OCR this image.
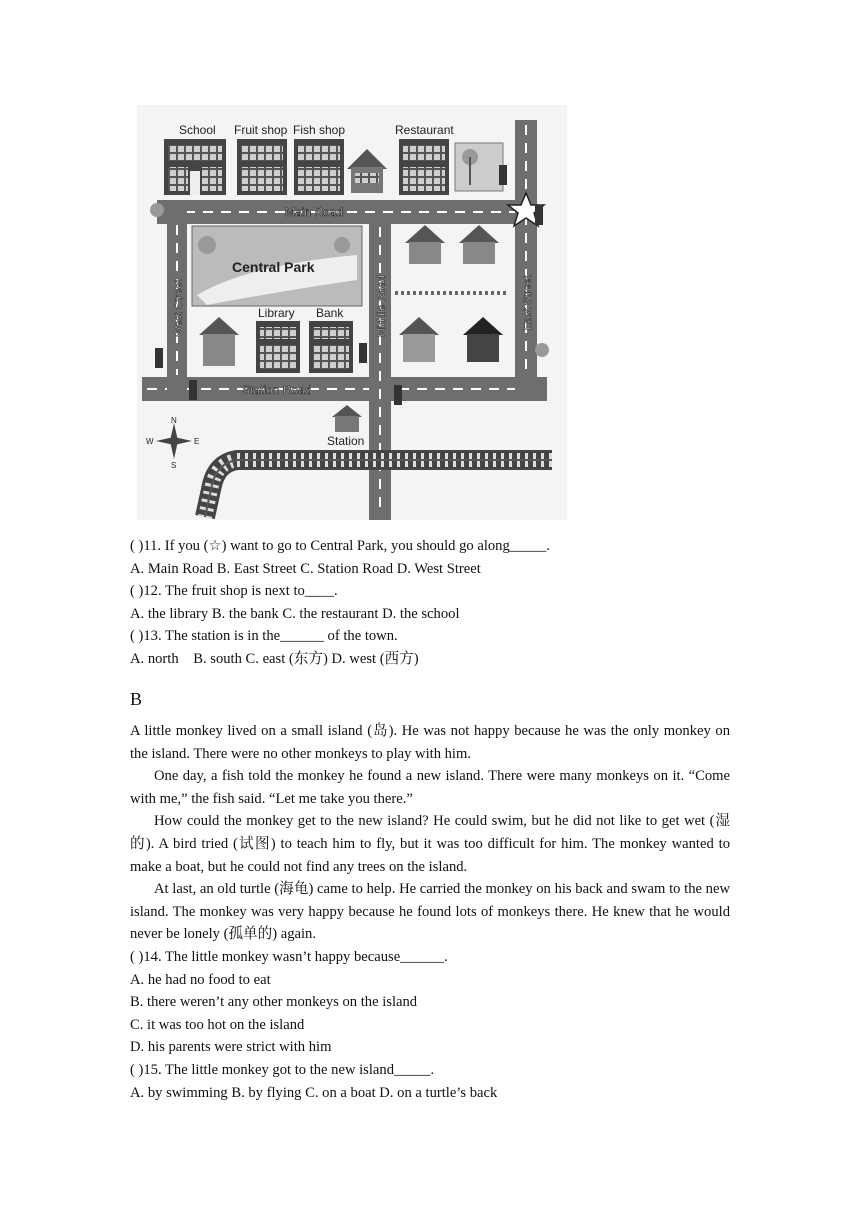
Main Road
Station Road
West Street	Middle Road	East Street
School Fruit shop Fish shop	Restaurant
Central Park
Library Bank
Station
N
S
E
W
( )11. If you (☆) want to go to Central Park, you should go along_____.
A. Main Road B. East Street C. Station Road D. West Street
( )12. The fruit shop is next to____.
A. the library B. the bank C. the restaurant D. the school
( )13. The station is in the______ of the town.
A. north    B. south C. east (东方) D. west (西方)
B
A little monkey lived on a small island (岛). He was not happy because he was the only monkey on the island. There were no other monkeys to play with him.
One day, a fish told the monkey he found a new island. There were many monkeys on it. “Come with me,” the fish said. “Let me take you there.”
How could the monkey get to the new island? He could swim, but he did not like to get wet (湿的). A bird tried (试图) to teach him to fly, but it was too difficult for him. The monkey wanted to make a boat, but he could not find any trees on the island.
At last, an old turtle (海龟) came to help. He carried the monkey on his back and swam to the new island. The monkey was very happy because he found lots of monkeys there. He knew that he would never be lonely (孤单的) again.
( )14. The little monkey wasn’t happy because______.
A. he had no food to eat
B. there weren’t any other monkeys on the island
C. it was too hot on the island
D. his parents were strict with him
( )15. The little monkey got to the new island_____.
A. by swimming B. by flying C. on a boat D. on a turtle’s back
